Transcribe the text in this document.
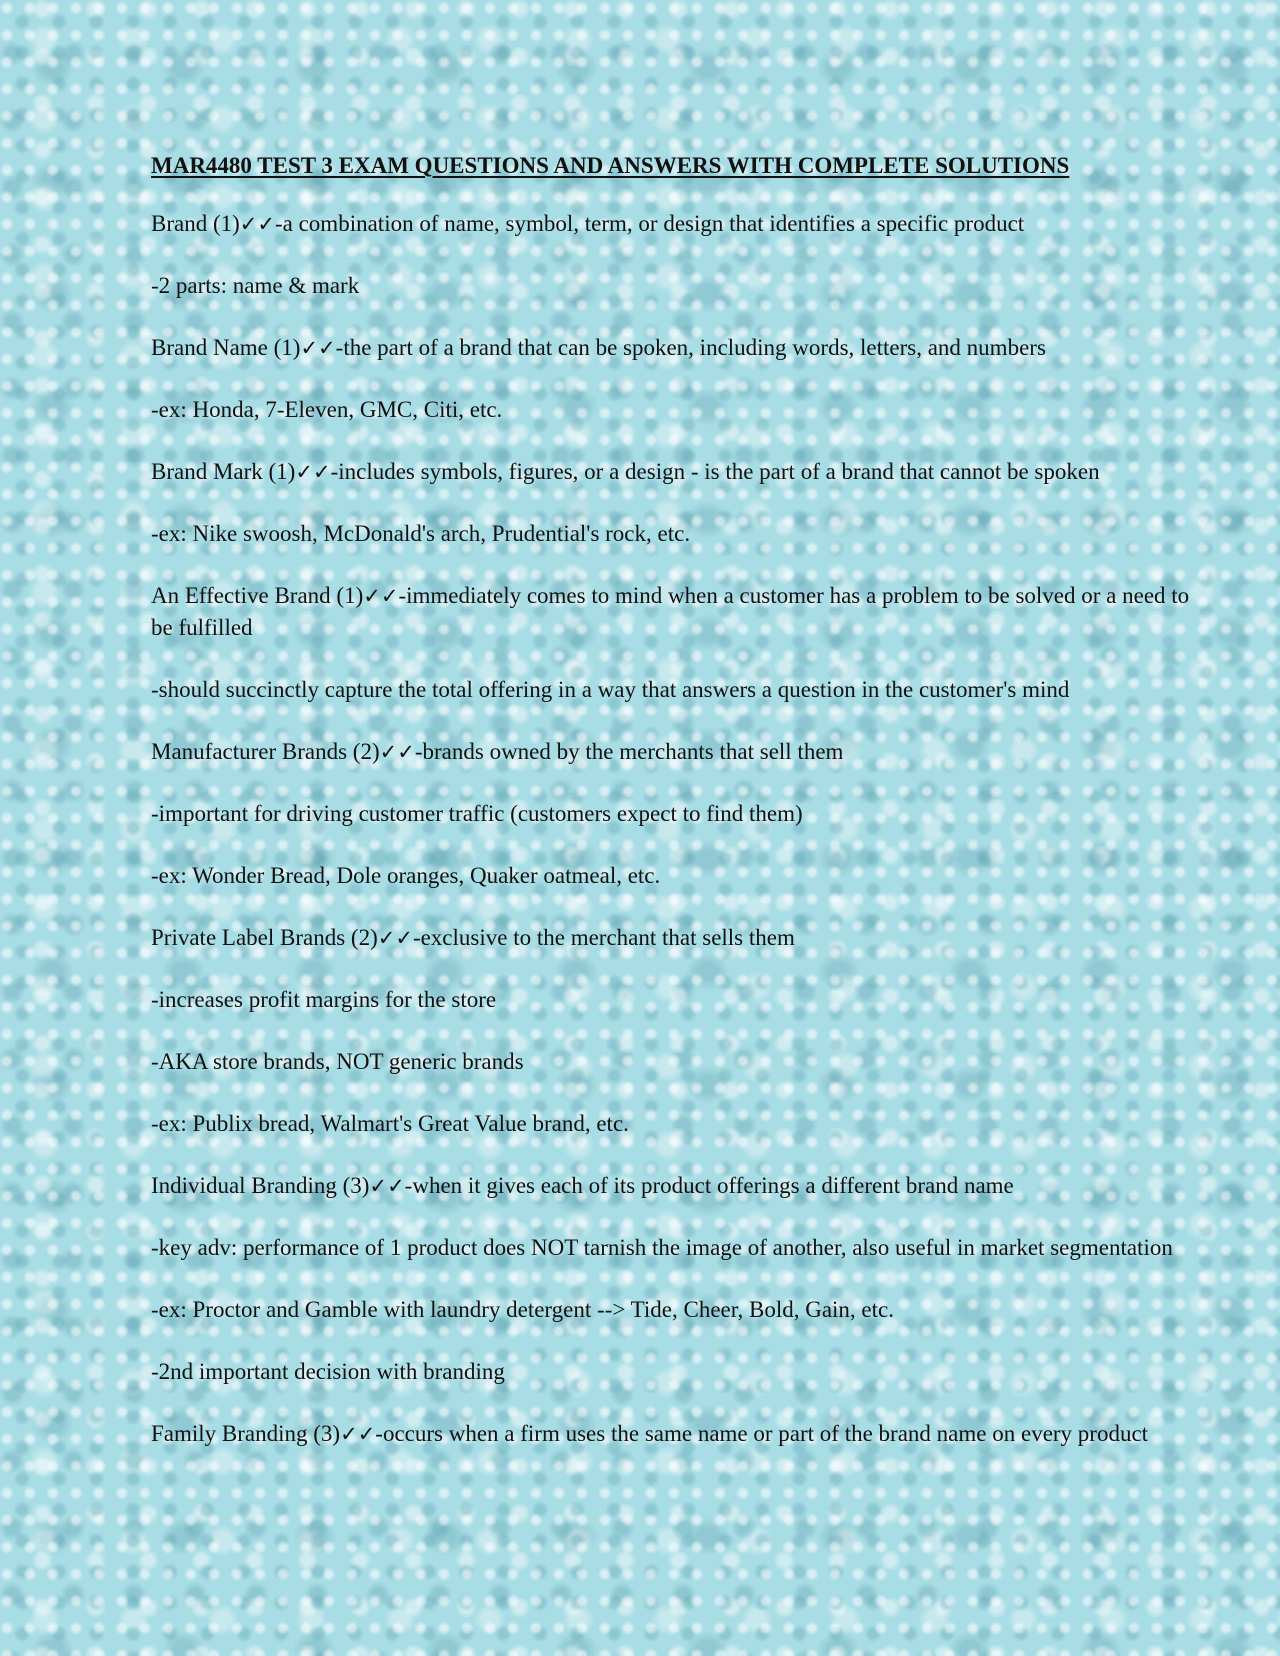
MAR4480 TEST 3 EXAM QUESTIONS AND ANSWERS WITH COMPLETE SOLUTIONS
Brand (1)✓✓-a combination of name, symbol, term, or design that identifies a specific product
-2 parts: name & mark
Brand Name (1)✓✓-the part of a brand that can be spoken, including words, letters, and numbers
-ex: Honda, 7-Eleven, GMC, Citi, etc.
Brand Mark (1)✓✓-includes symbols, figures, or a design - is the part of a brand that cannot be spoken
-ex: Nike swoosh, McDonald's arch, Prudential's rock, etc.
An Effective Brand (1)✓✓-immediately comes to mind when a customer has a problem to be solved or a need to be fulfilled
-should succinctly capture the total offering in a way that answers a question in the customer's mind
Manufacturer Brands (2)✓✓-brands owned by the merchants that sell them
-important for driving customer traffic (customers expect to find them)
-ex: Wonder Bread, Dole oranges, Quaker oatmeal, etc.
Private Label Brands (2)✓✓-exclusive to the merchant that sells them
-increases profit margins for the store
-AKA store brands, NOT generic brands
-ex: Publix bread, Walmart's Great Value brand, etc.
Individual Branding (3)✓✓-when it gives each of its product offerings a different brand name
-key adv: performance of 1 product does NOT tarnish the image of another, also useful in market segmentation
-ex: Proctor and Gamble with laundry detergent --> Tide, Cheer, Bold, Gain, etc.
-2nd important decision with branding
Family Branding (3)✓✓-occurs when a firm uses the same name or part of the brand name on every product
